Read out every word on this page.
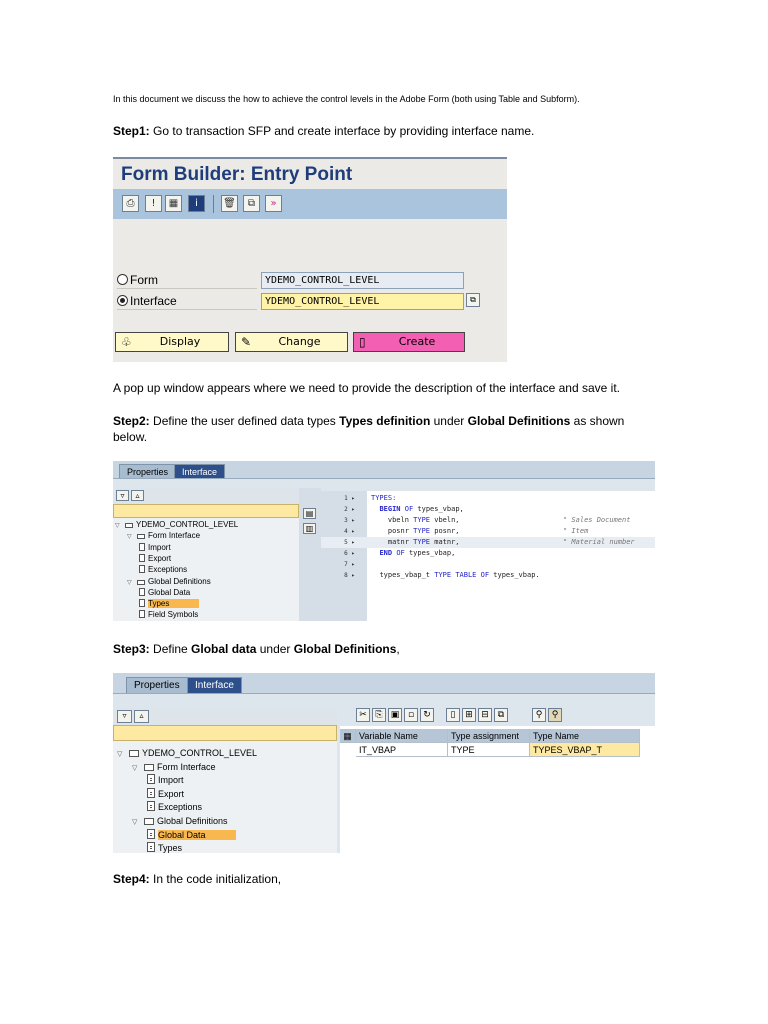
In this document we discuss the how to achieve the control levels in the Adobe Form (both using Table and Subform).
Step1: Go to transaction SFP and create interface by providing interface name.
Form Builder: Entry Point
⎙	!	▦	i	🗑	⧉	»
Form	YDEMO_CONTROL_LEVEL
Interface	YDEMO_CONTROL_LEVEL	⧉
♧	Display	✎	Change	▯	Create
A pop up window appears where we need to provide the description of the interface and save it.
Step2: Define the user defined data types Types definition under Global Definitions as shown below.
Properties	Interface
▿	▵
▽ YDEMO_CONTROL_LEVEL
▽ Form Interface
Import
Export
Exceptions
▽ Global Definitions
Global Data
Types
Field Symbols
▤
▥
1 ▸ TYPES:
2 ▸	BEGIN OF types_vbap,
3 ▸	vbeln TYPE vbeln,	" Sales Document
4 ▸	posnr TYPE posnr,	" Item
5 ▸	matnr TYPE matnr,	" Material number
6 ▸	END OF types_vbap,
7 ▸
8 ▸	types_vbap_t TYPE TABLE OF types_vbap.
Step3: Define Global data under Global Definitions,
Properties	Interface
▿	▵
▽ YDEMO_CONTROL_LEVEL
▽ Form Interface
Import
Export
Exceptions
▽ Global Definitions
Global Data
Types
✂ ⎘ ▣ ▫	↻	▯	⊞ ⊟	⧉	⚲	⚲
▦ Variable Name	Type assignment	Type Name
IT_VBAP	TYPE	TYPES_VBAP_T
Step4: In the code initialization,
